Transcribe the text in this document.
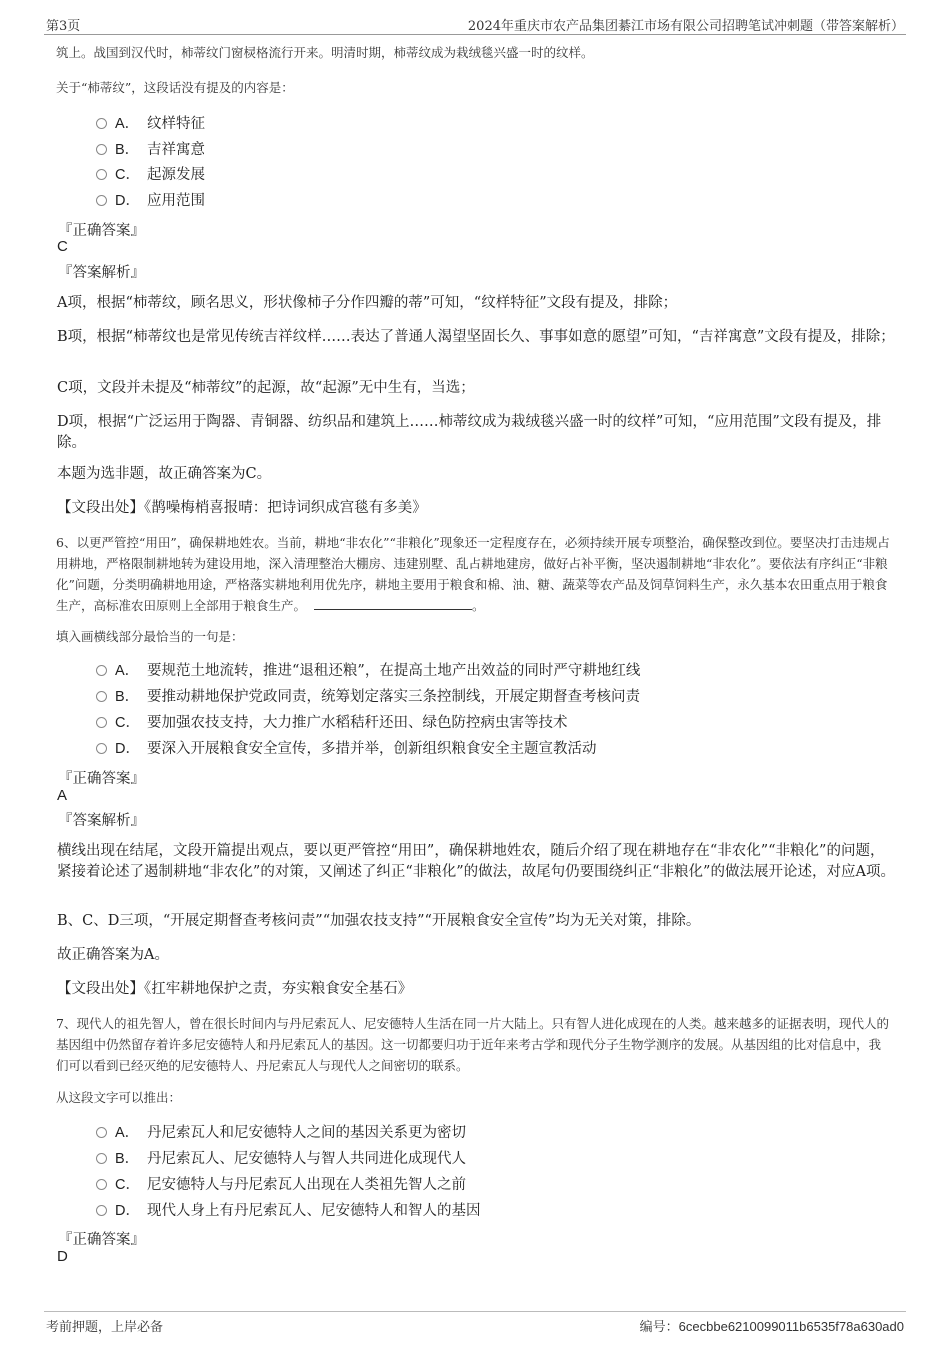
第3页	2024年重庆市农产品集团綦江市场有限公司招聘笔试冲刺题（带答案解析）
筑上。战国到汉代时，柿蒂纹门窗棂格流行开来。明清时期，柿蒂纹成为栽绒毯兴盛一时的纹样。
关于“柿蒂纹”，这段话没有提及的内容是：
A． 纹样特征
B． 吉祥寓意
C． 起源发展
D． 应用范围
『正确答案』
C
『答案解析』
A项，根据“柿蒂纹，顾名思义，形状像柿子分作四瓣的蒂”可知，“纹样特征”文段有提及，排除；
B项，根据“柿蒂纹也是常见传统吉祥纹样……表达了普通人渴望坚固长久、事事如意的愿望”可知，“吉祥寓意”文段有提及，排除；
C项，文段并未提及“柿蒂纹”的起源，故“起源”无中生有，当选；
D项，根据“广泛运用于陶器、青铜器、纺织品和建筑上……柿蒂纹成为栽绒毯兴盛一时的纹样”可知，“应用范围”文段有提及，排除。
本题为选非题，故正确答案为C。
【文段出处】《鹊噪梅梢喜报晴：把诗词织成宫毯有多美》
6、以更严管控“用田”，确保耕地姓农。当前，耕地“非农化”“非粮化”现象还一定程度存在，必须持续开展专项整治，确保整改到位。要坚决打击违规占用耕地，严格限制耕地转为建设用地，深入清理整治大棚房、违建别墅、乱占耕地建房，做好占补平衡，坚决遏制耕地“非农化”。要依法有序纠正“非粮化”问题，分类明确耕地用途，严格落实耕地利用优先序，耕地主要用于粮食和棉、油、糖、蔬菜等农产品及饲草饲料生产，永久基本农田重点用于粮食生产，高标准农田原则上全部用于粮食生产。	。
填入画横线部分最恰当的一句是：
A． 要规范土地流转，推进“退租还粮”，在提高土地产出效益的同时严守耕地红线
B． 要推动耕地保护党政同责，统筹划定落实三条控制线，开展定期督查考核问责
C． 要加强农技支持，大力推广水稻秸秆还田、绿色防控病虫害等技术
D． 要深入开展粮食安全宣传，多措并举，创新组织粮食安全主题宣教活动
『正确答案』
A
『答案解析』
横线出现在结尾，文段开篇提出观点，要以更严管控“用田”，确保耕地姓农，随后介绍了现在耕地存在“非农化”“非粮化”的问题，紧接着论述了遏制耕地“非农化”的对策，又阐述了纠正“非粮化”的做法，故尾句仍要围绕纠正“非粮化”的做法展开论述，对应A项。
B、C、D三项，“开展定期督查考核问责”“加强农技支持”“开展粮食安全宣传”均为无关对策，排除。
故正确答案为A。
【文段出处】《扛牢耕地保护之责，夯实粮食安全基石》
7、现代人的祖先智人，曾在很长时间内与丹尼索瓦人、尼安德特人生活在同一片大陆上。只有智人进化成现在的人类。越来越多的证据表明，现代人的基因组中仍然留存着许多尼安德特人和丹尼索瓦人的基因。这一切都要归功于近年来考古学和现代分子生物学测序的发展。从基因组的比对信息中，我们可以看到已经灭绝的尼安德特人、丹尼索瓦人与现代人之间密切的联系。
从这段文字可以推出：
A． 丹尼索瓦人和尼安德特人之间的基因关系更为密切
B． 丹尼索瓦人、尼安德特人与智人共同进化成现代人
C． 尼安德特人与丹尼索瓦人出现在人类祖先智人之前
D． 现代人身上有丹尼索瓦人、尼安德特人和智人的基因
『正确答案』
D
考前押题，上岸必备	编号：6cecbbe6210099011b6535f78a630ad0
